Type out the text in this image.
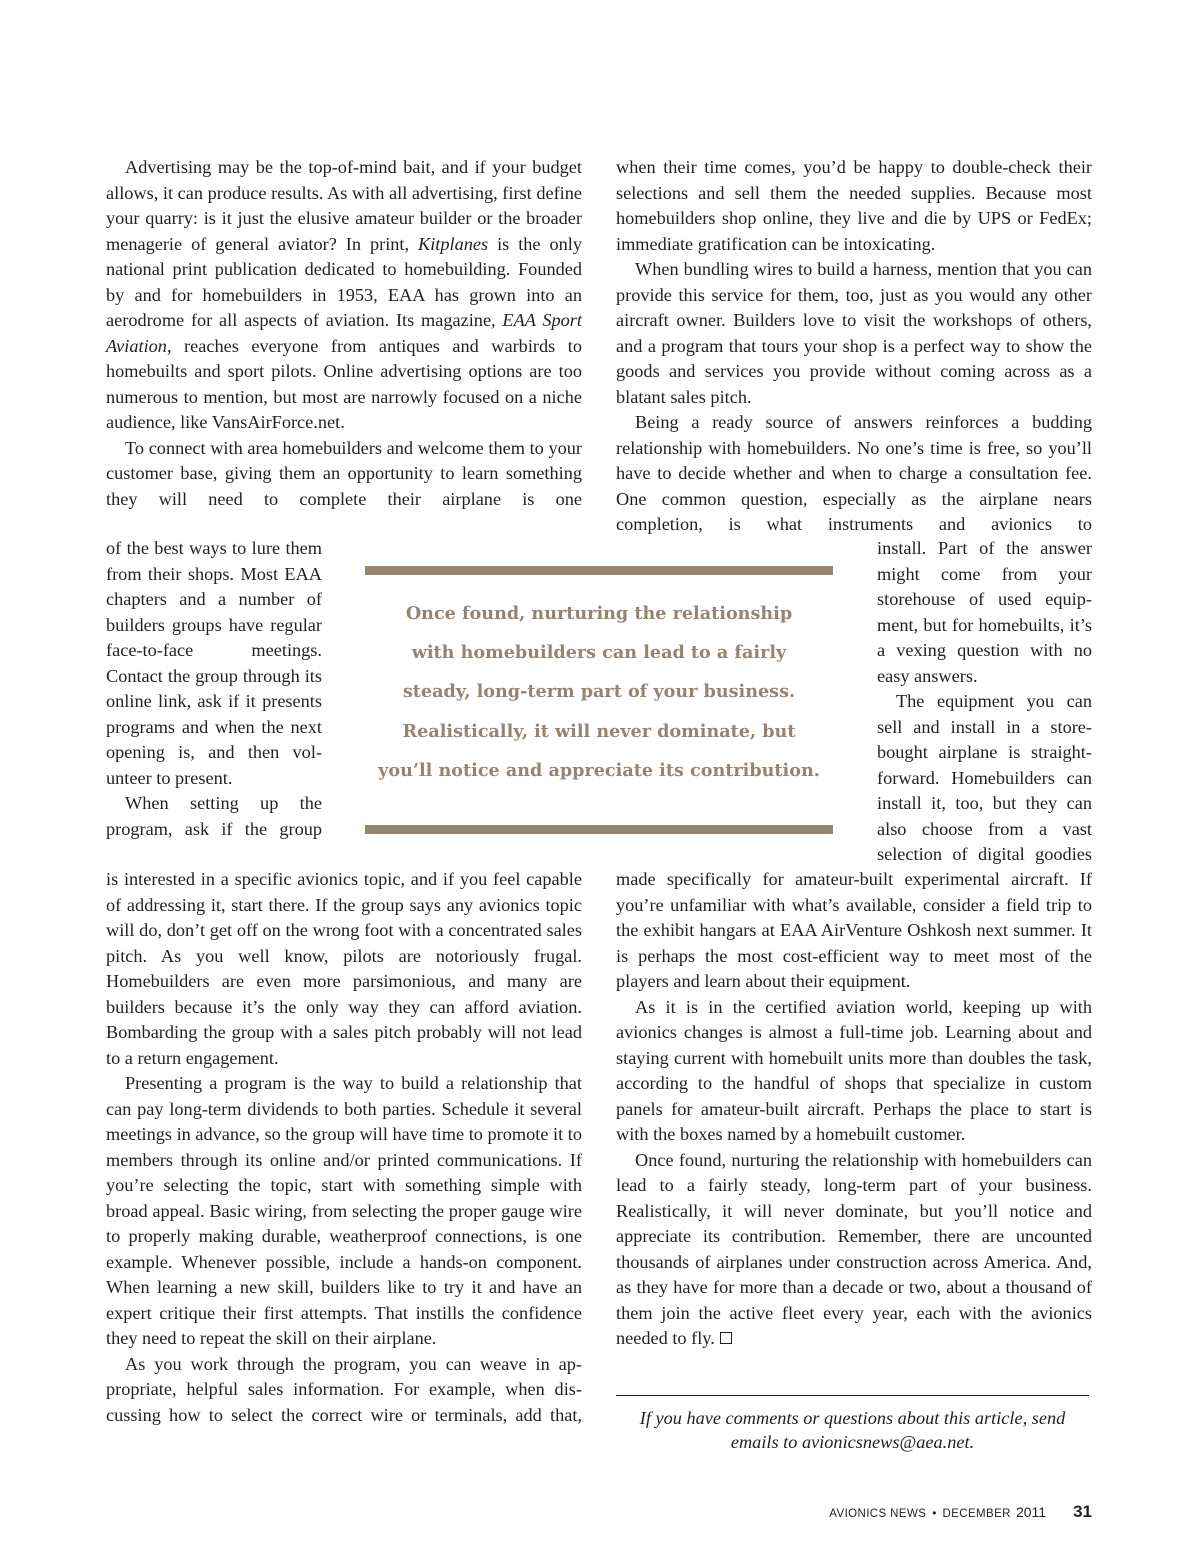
Advertising may be the top-of-mind bait, and if your budget allows, it can produce results. As with all advertising, first define your quarry: is it just the elusive amateur builder or the broader menagerie of general aviator? In print, Kitplanes is the only national print publication dedicated to homebuilding. Founded by and for homebuilders in 1953, EAA has grown into an aerodrome for all aspects of aviation. Its magazine, EAA Sport Aviation, reaches everyone from antiques and warbirds to homebuilts and sport pilots. Online advertising options are too numerous to mention, but most are narrowly focused on a niche audience, like VansAirForce.net.

To connect with area homebuilders and welcome them to your customer base, giving them an opportunity to learn something they will need to complete their airplane is one

of the best ways to lure them from their shops. Most EAA chapters and a number of builders groups have regular face-to-face meetings. Contact the group through its online link, ask if it presents programs and when the next opening is, and then volunteer to present.

When setting up the program, ask if the group

is interested in a specific avionics topic, and if you feel capable of addressing it, start there. If the group says any avionics topic will do, don’t get off on the wrong foot with a concentrated sales pitch. As you well know, pilots are notoriously frugal. Homebuilders are even more parsimonious, and many are builders because it’s the only way they can afford aviation. Bombarding the group with a sales pitch probably will not lead to a return engagement.

Presenting a program is the way to build a relationship that can pay long-term dividends to both parties. Schedule it several meetings in advance, so the group will have time to promote it to members through its online and/or printed communications. If you’re selecting the topic, start with something simple with broad appeal. Basic wiring, from selecting the proper gauge wire to properly making durable, weatherproof connections, is one example. Whenever possible, include a hands-on component. When learning a new skill, builders like to try it and have an expert critique their first attempts. That instills the confidence they need to repeat the skill on their airplane.

As you work through the program, you can weave in appropriate, helpful sales information. For example, when discussing how to select the correct wire or terminals, add that,

when their time comes, you’d be happy to double-check their selections and sell them the needed supplies. Because most homebuilders shop online, they live and die by UPS or FedEx; immediate gratification can be intoxicating.

When bundling wires to build a harness, mention that you can provide this service for them, too, just as you would any other aircraft owner. Builders love to visit the workshops of others, and a program that tours your shop is a perfect way to show the goods and services you provide without coming across as a blatant sales pitch.

Being a ready source of answers reinforces a budding relationship with homebuilders. No one’s time is free, so you’ll have to decide whether and when to charge a consultation fee. One common question, especially as the airplane nears completion, is what instruments and avionics to

install. Part of the answer might come from your storehouse of used equipment, but for homebuilts, it’s a vexing question with no easy answers.

The equipment you can sell and install in a store-bought airplane is straightforward. Homebuilders can install it, too, but they can also choose from a vast selection of digital goodies

made specifically for amateur-built experimental aircraft. If you’re unfamiliar with what’s available, consider a field trip to the exhibit hangars at EAA AirVenture Oshkosh next summer. It is perhaps the most cost-efficient way to meet most of the players and learn about their equipment.

As it is in the certified aviation world, keeping up with avionics changes is almost a full-time job. Learning about and staying current with homebuilt units more than doubles the task, according to the handful of shops that specialize in custom panels for amateur-built aircraft. Perhaps the place to start is with the boxes named by a homebuilt customer.

Once found, nurturing the relationship with homebuilders can lead to a fairly steady, long-term part of your business. Realistically, it will never dominate, but you’ll notice and appreciate its contribution. Remember, there are uncounted thousands of airplanes under construction across America. And, as they have for more than a decade or two, about a thousand of them join the active fleet every year, each with the avionics needed to fly.

Once found, nurturing the relationship
with homebuilders can lead to a fairly
steady, long-term part of your business.
Realistically, it will never dominate, but
you’ll notice and appreciate its contribution.
If you have comments or questions about this article, send emails to avionicsnews@aea.net.
AVIONICS NEWS • DECEMBER 2011 31
